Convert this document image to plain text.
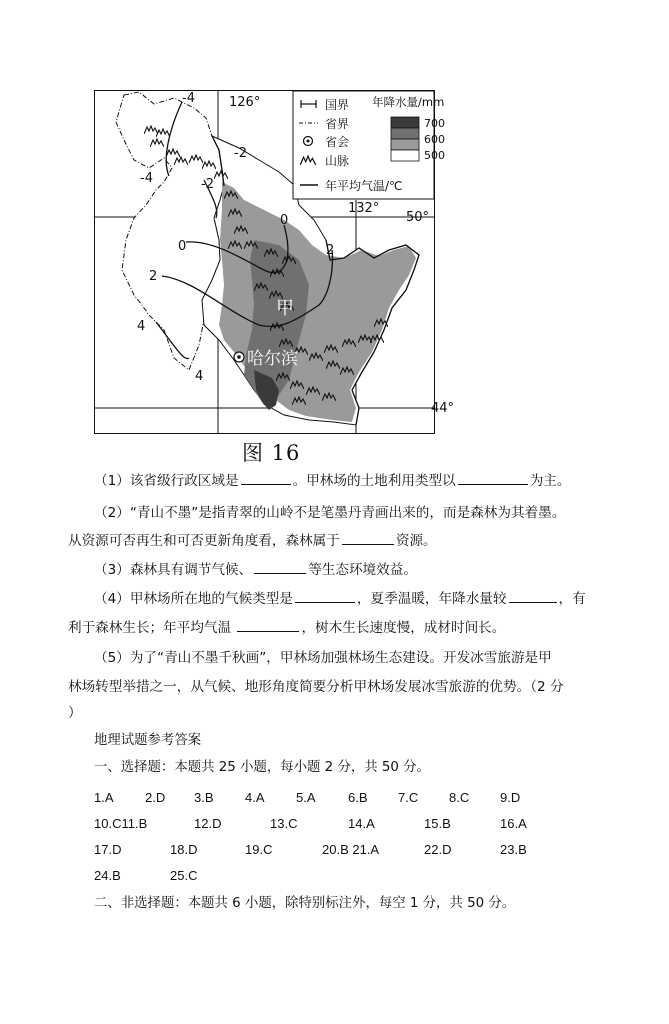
国界
省界
省会
山脉
年平均气温/℃
年降水量/mm
700
600
500
126°
132°
50°
44°
-4
-2
-4	-2
0
0	2
2
4
4
甲
哈尔滨
图 16
（1）该省级行政区域是	。甲林场的土地利用类型以	为主。
（2）“青山不墨”是指青翠的山岭不是笔墨丹青画出来的，而是森林为其着墨。
从资源可否再生和可否更新角度看，森林属于	资源。
（3）森林具有调节气候、	等生态环境效益。
（4）甲林场所在地的气候类型是	，夏季温暖，年降水量较	，有
利于森林生长；年平均气温	，树木生长速度慢，成材时间长。
（5）为了“青山不墨千秋画”，甲林场加强林场生态建设。开发冰雪旅游是甲
林场转型举措之一，从气候、地形角度简要分析甲林场发展冰雪旅游的优势。（2 分
）
地理试题参考答案
一、选择题：本题共 25 小题，每小题 2 分，共 50 分。
1.A 2.D 3.B 4.A 5.A 6.B 7.C 8.C 9.D
10.C11.B	12.D	13.C	14.A	15.B	16.A
17.D	18.D	19.C	20.B 21.A	22.D	23.B
24.B	25.C
二、非选择题：本题共 6 小题，除特别标注外，每空 1 分，共 50 分。
